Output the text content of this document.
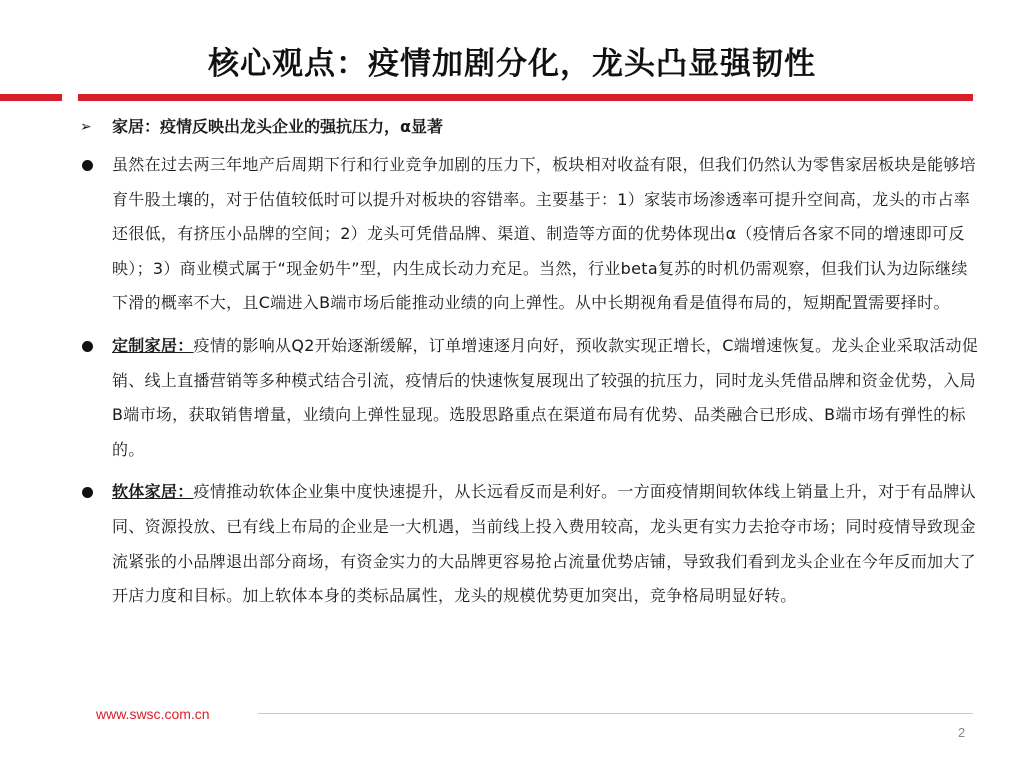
核心观点：疫情加剧分化，龙头凸显强韧性
➢ 家居：疫情反映出龙头企业的强抗压力，α显著
虽然在过去两三年地产后周期下行和行业竞争加剧的压力下，板块相对收益有限，但我们仍然认为零售家居板块是能够培育牛股土壤的，对于估值较低时可以提升对板块的容错率。主要基于：1）家装市场渗透率可提升空间高，龙头的市占率还很低，有挤压小品牌的空间；2）龙头可凭借品牌、渠道、制造等方面的优势体现出α（疫情后各家不同的增速即可反映）；3）商业模式属于“现金奶牛”型，内生成长动力充足。当然，行业beta复苏的时机仍需观察，但我们认为边际继续下滑的概率不大，且C端进入B端市场后能推动业绩的向上弹性。从中长期视角看是值得布局的，短期配置需要择时。
定制家居：疫情的影响从Q2开始逐渐缓解，订单增速逐月向好，预收款实现正增长，C端增速恢复。龙头企业采取活动促销、线上直播营销等多种模式结合引流，疫情后的快速恢复展现出了较强的抗压力，同时龙头凭借品牌和资金优势，入局B端市场，获取销售增量，业绩向上弹性显现。选股思路重点在渠道布局有优势、品类融合已形成、B端市场有弹性的标的。
软体家居：疫情推动软体企业集中度快速提升，从长远看反而是利好。一方面疫情期间软体线上销量上升，对于有品牌认同、资源投放、已有线上布局的企业是一大机遇，当前线上投入费用较高，龙头更有实力去抢夺市场；同时疫情导致现金流紧张的小品牌退出部分商场，有资金实力的大品牌更容易抢占流量优势店铺，导致我们看到龙头企业在今年反而加大了开店力度和目标。加上软体本身的类标品属性，龙头的规模优势更加突出，竞争格局明显好转。
www.swsc.com.cn
2
